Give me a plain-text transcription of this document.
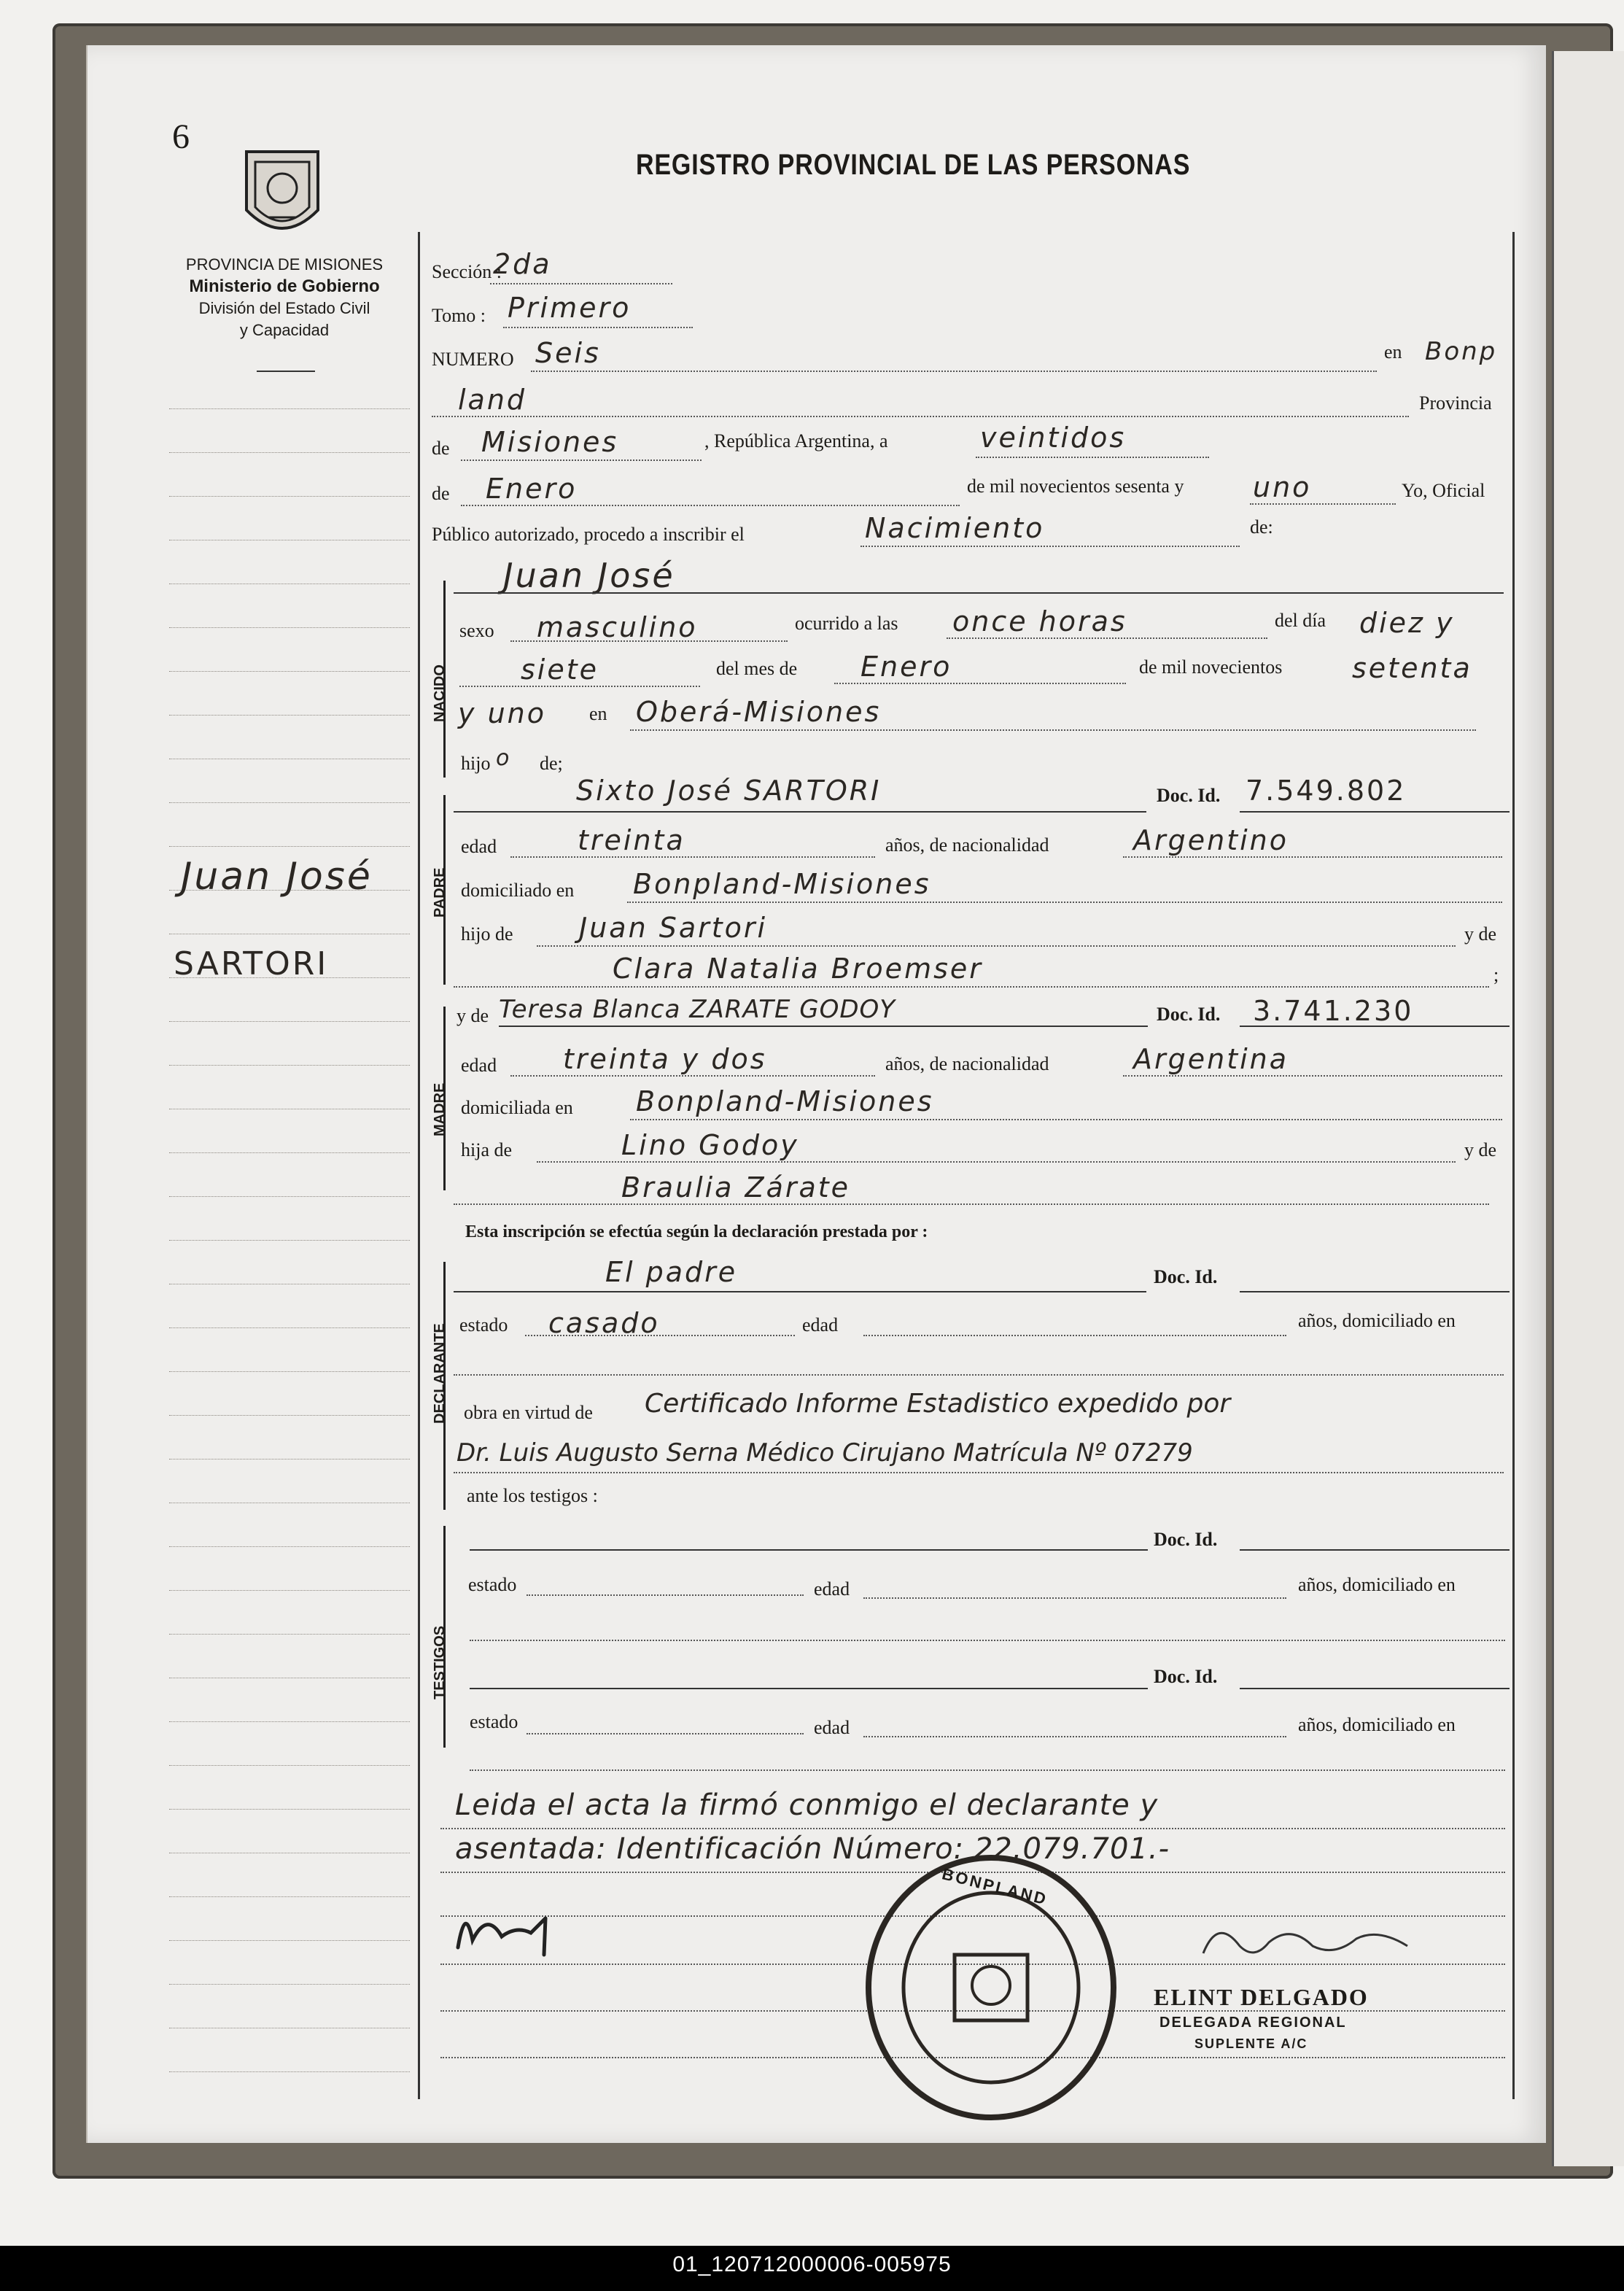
6
PROVINCIA DE MISIONES
Ministerio de Gobierno
División del Estado Civil
y Capacidad
REGISTRO PROVINCIAL DE LAS PERSONAS
Juan José
SARTORI
Sección :
2da
Tomo : Primero
NUMERO Seis	en Bonp
land	Provincia
de Misiones	, República Argentina, a	veintidos
de Enero	de mil novecientos sesenta y uno	Yo, Oficial
Público autorizado, procedo a inscribir el	Nacimiento	de:
NACIDO
Juan José
sexo masculino	ocurrido a las once horas	del día diez y
siete	del mes de Enero	de mil novecientos	setenta
y uno en Oberá-Misiones
hijo o de;
PADRE
Sixto José SARTORI	Doc. Id. 7.549.802
edad	treinta	años, de nacionalidad	Argentino
domiciliado en Bonpland-Misiones
hijo de Juan Sartori	y de
Clara Natalia Broemser	;
MADRE
y de Teresa Blanca ZARATE GODOY	Doc. Id. 3.741.230
edad treinta y dos	años, de nacionalidad	Argentina
domiciliada en Bonpland-Misiones
hija de	Lino Godoy	y de
Braulia Zárate
Esta inscripción se efectúa según la declaración prestada por :
DECLARANTE
El padre	Doc. Id.
estado casado	edad	años, domiciliado en
obra en virtud de Certificado Informe Estadistico expedido por
Dr. Luis Augusto Serna Médico Cirujano Matrícula Nº 07279
ante los testigos :
TESTIGOS
Doc. Id.
estado	edad	años, domiciliado en
Doc. Id.
estado	edad	años, domiciliado en
Leida el acta la firmó conmigo el declarante y
asentada: Identificación Número: 22.079.701.-
BONPLAND
ELINT DELGADO
DELEGADA REGIONAL
SUPLENTE A/C
01_120712000006-005975
